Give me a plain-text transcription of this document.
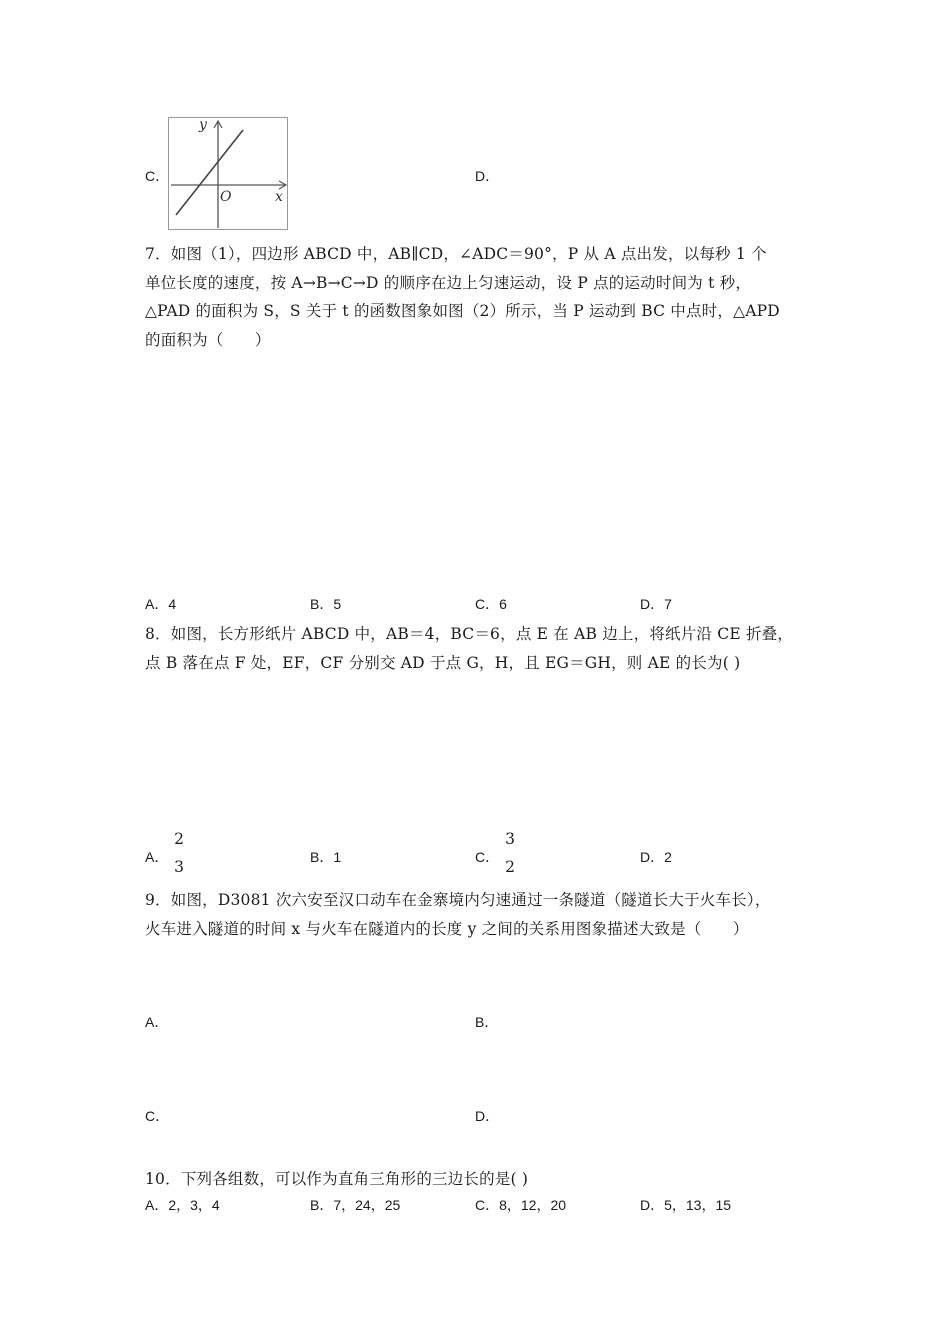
C．
y
x
O
D．
7．如图（1），四边形 ABCD 中，AB∥CD，∠ADC＝90°，P 从 A 点出发，以每秒 1 个
单位长度的速度，按 A→B→C→D 的顺序在边上匀速运动，设 P 点的运动时间为 t 秒，
△PAD 的面积为 S，S 关于 t 的函数图象如图（2）所示，当 P 运动到 BC 中点时，△APD
的面积为（　　）
A．4	B．5	C．6	D．7
8．如图，长方形纸片 ABCD 中，AB＝4，BC＝6，点 E 在 AB 边上，将纸片沿 CE 折叠，
点 B 落在点 F 处，EF，CF 分别交 AD 于点 G，H，且 EG＝GH，则 AE 的长为( )
A．
2
3
B．1	C．
3
2
D．2
9．如图，D3081 次六安至汉口动车在金寨境内匀速通过一条隧道（隧道长大于火车长），
火车进入隧道的时间 x 与火车在隧道内的长度 y 之间的关系用图象描述大致是（　　）
A．	B．
C．	D．
10．下列各组数，可以作为直角三角形的三边长的是( )
A．2，3，4	B．7，24，25	C．8，12，20	D．5，13，15
